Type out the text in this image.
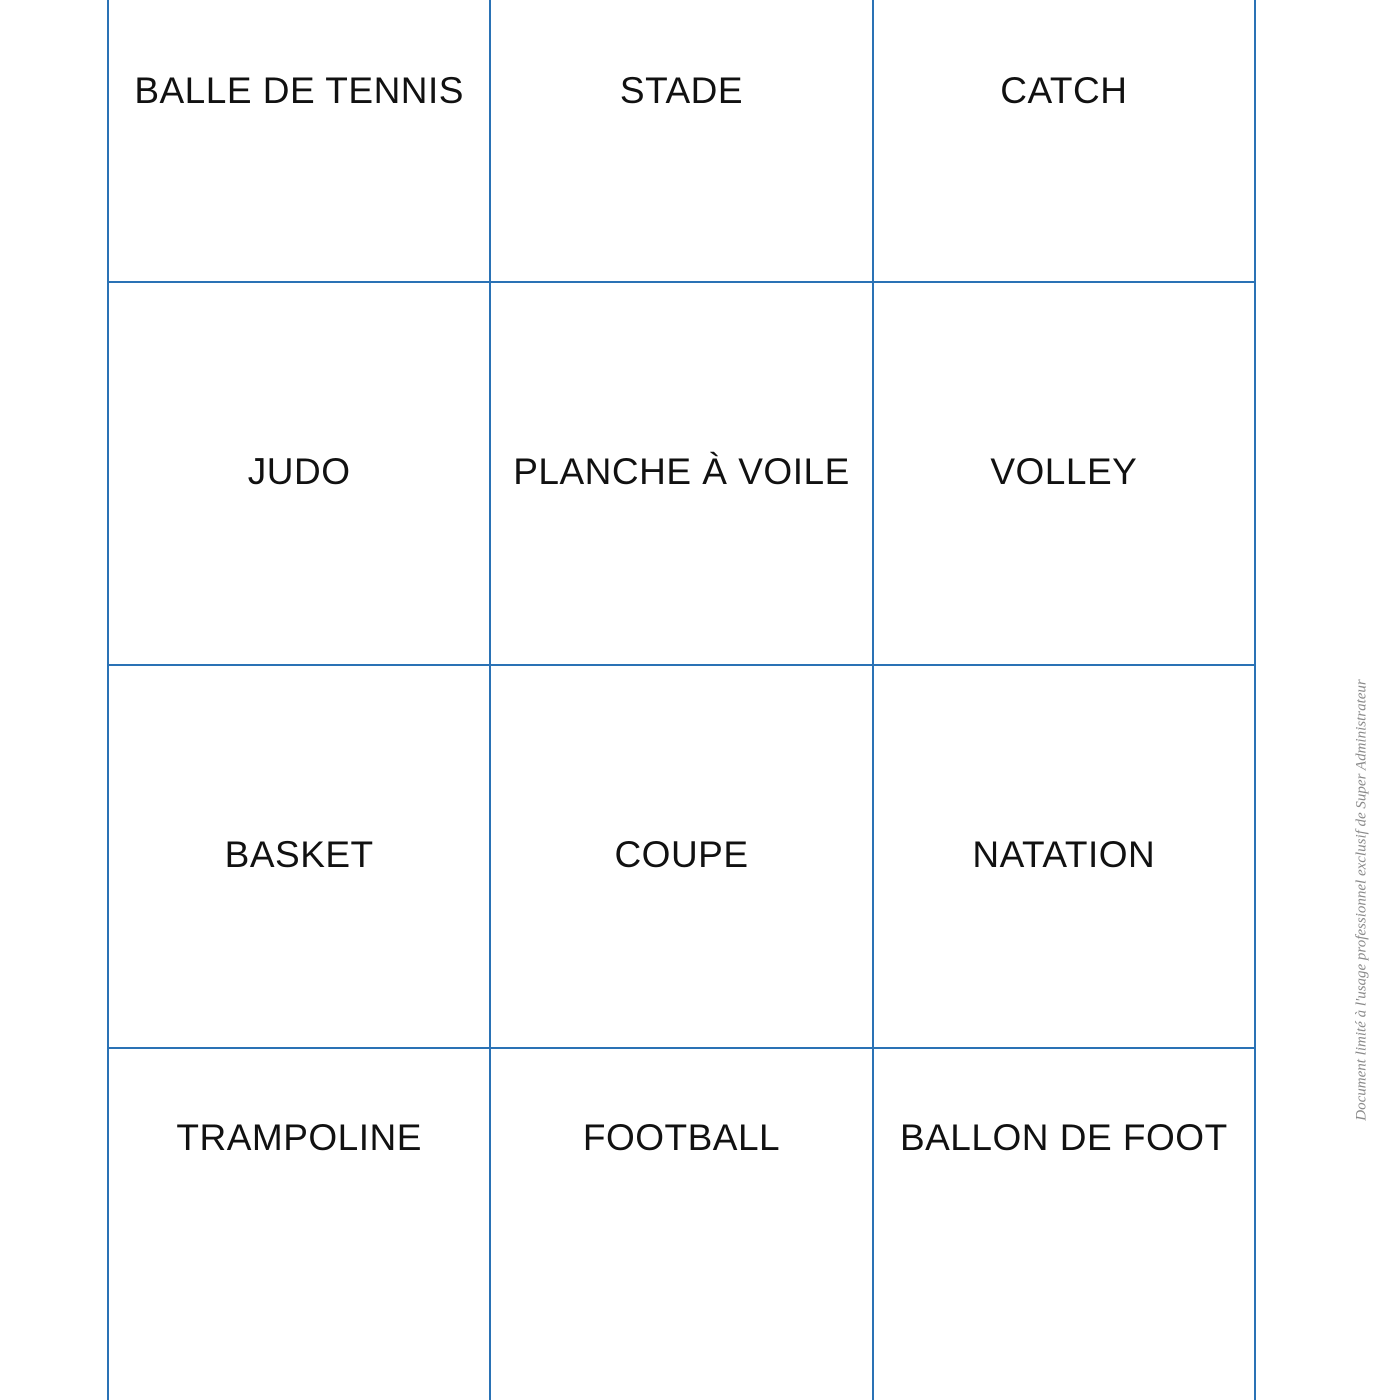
BALLE DE TENNIS	STADE	CATCH
JUDO	PLANCHE À VOILE	VOLLEY
BASKET	COUPE	NATATION
TRAMPOLINE	FOOTBALL	BALLON DE FOOT
Document limité à l'usage professionnel exclusif de Super Administrateur
